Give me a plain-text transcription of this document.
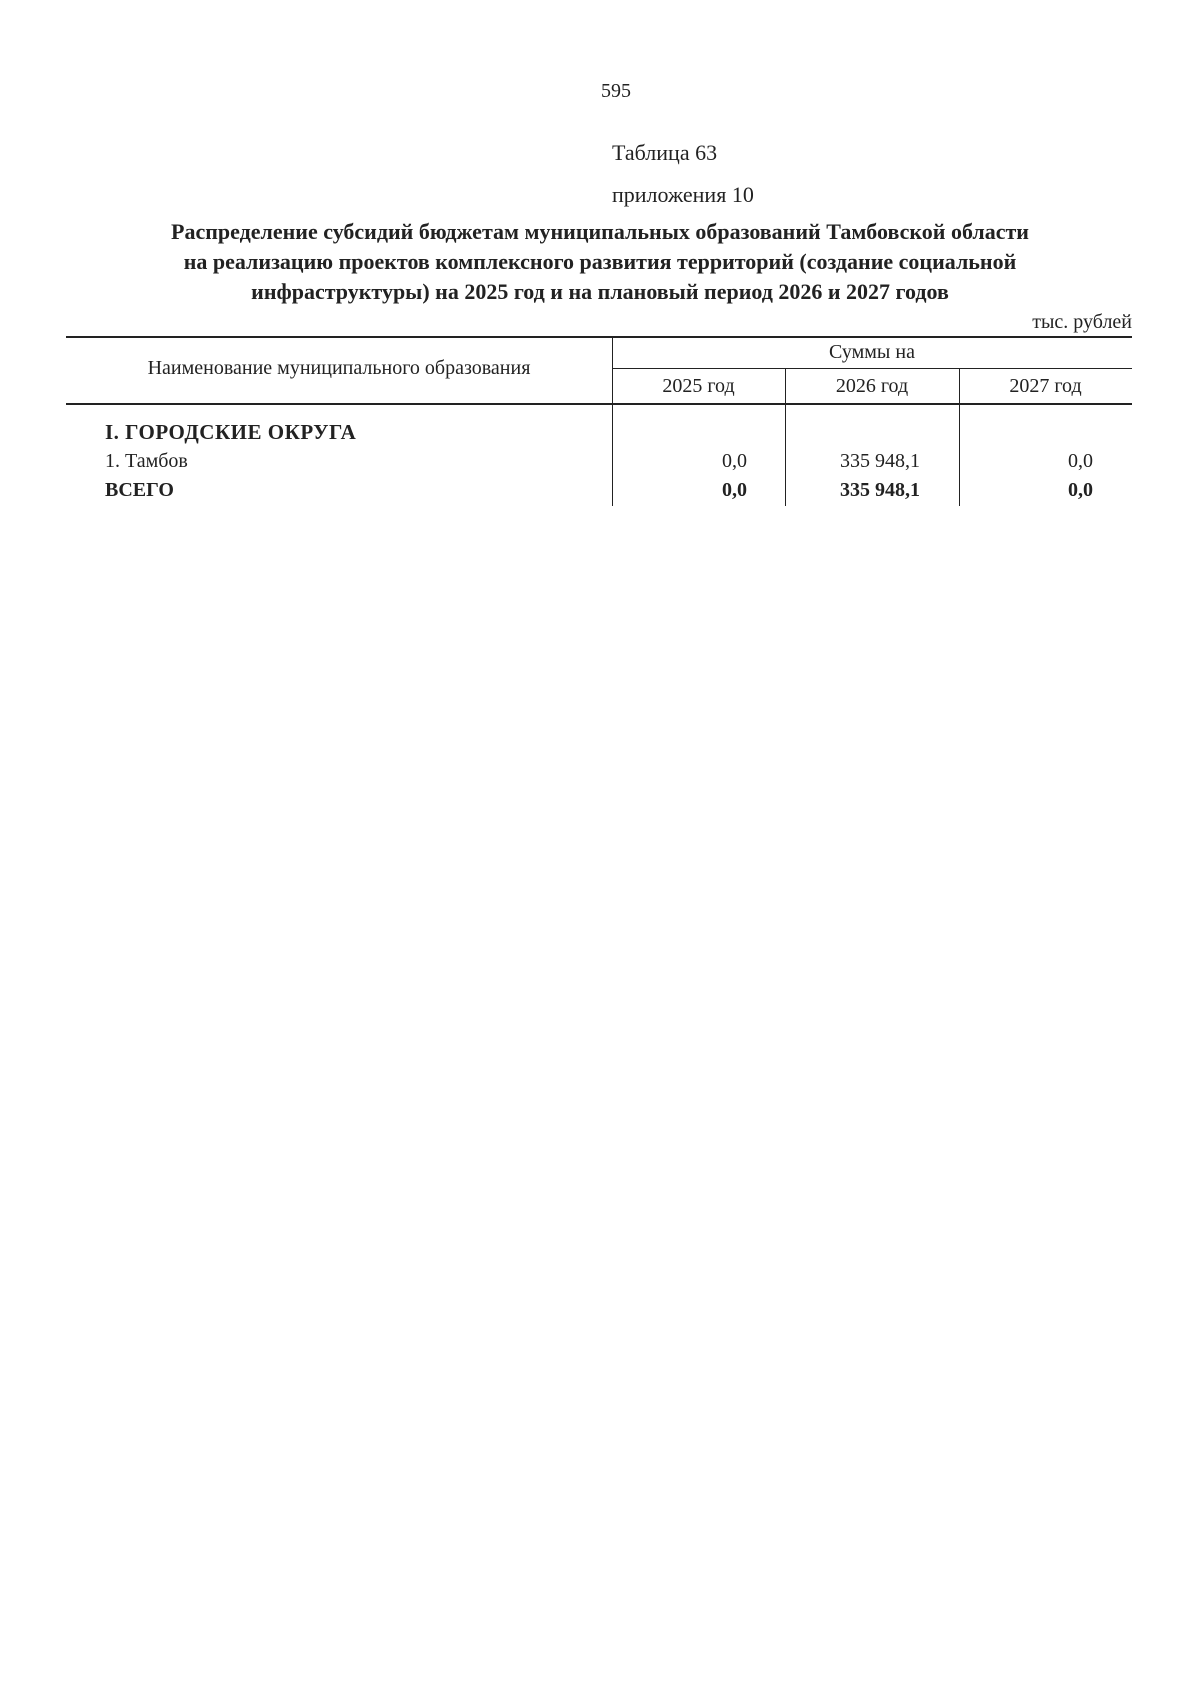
595
Таблица 63
приложения 10
Распределение субсидий бюджетам муниципальных образований Тамбовской области
на реализацию проектов комплексного развития территорий (создание социальной
инфраструктуры) на 2025 год и на плановый период 2026 и 2027 годов
тыс. рублей
Наименование муниципального образования
Суммы на
2025 год	2026 год	2027 год
I. ГОРОДСКИЕ ОКРУГА
1. Тамбов	0,0	335 948,1	0,0
ВСЕГО	0,0	335 948,1	0,0
